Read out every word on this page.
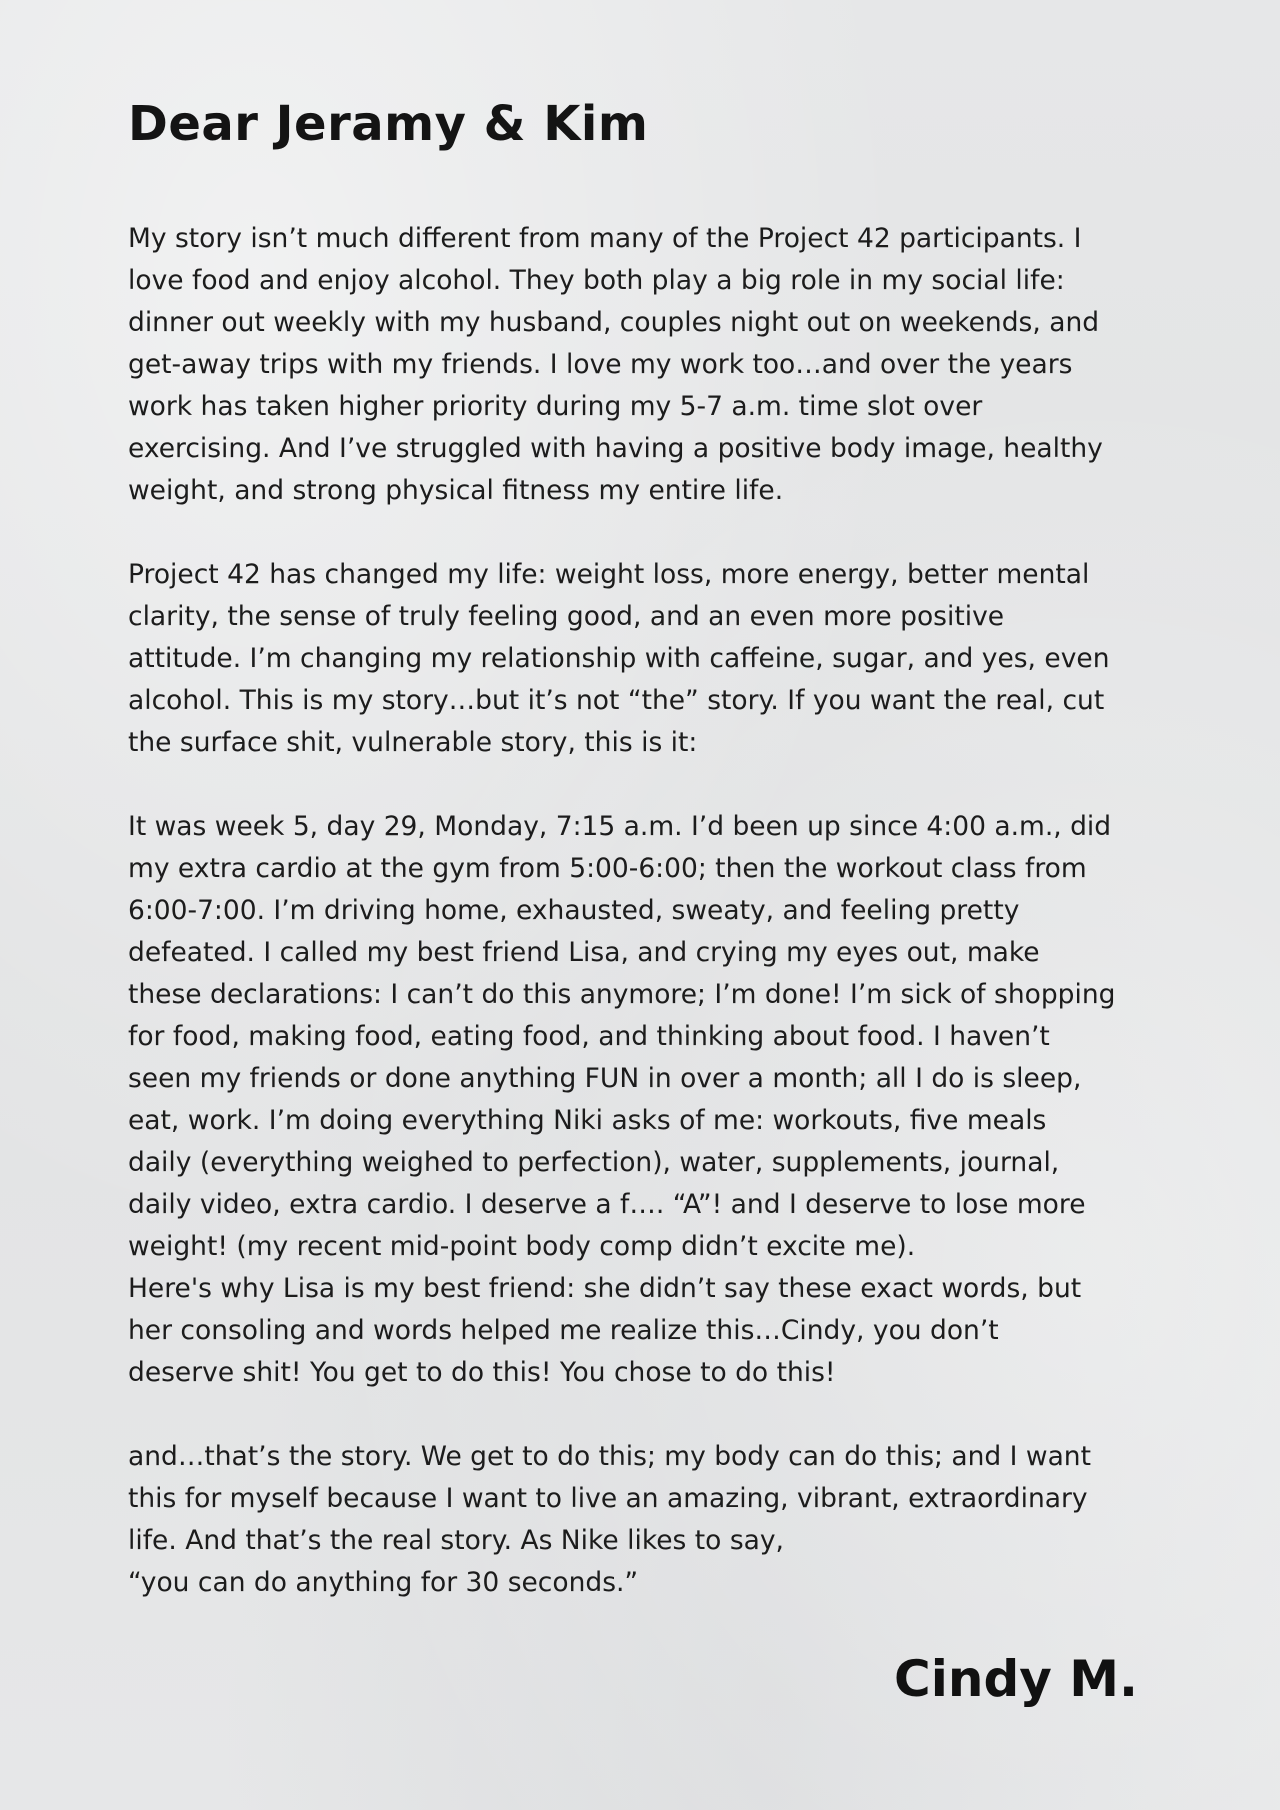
Dear Jeramy & Kim

My story isn’t much different from many of the Project 42 participants. I
love food and enjoy alcohol. They both play a big role in my social life:
dinner out weekly with my husband, couples night out on weekends, and
get-away trips with my friends. I love my work too…and over the years
work has taken higher priority during my 5-7 a.m. time slot over
exercising. And I’ve struggled with having a positive body image, healthy
weight, and strong physical fitness my entire life.

Project 42 has changed my life: weight loss, more energy, better mental
clarity, the sense of truly feeling good, and an even more positive
attitude. I’m changing my relationship with caffeine, sugar, and yes, even
alcohol. This is my story…but it’s not “the” story. If you want the real, cut
the surface shit, vulnerable story, this is it:

It was week 5, day 29, Monday, 7:15 a.m. I’d been up since 4:00 a.m., did
my extra cardio at the gym from 5:00-6:00; then the workout class from
6:00-7:00. I’m driving home, exhausted, sweaty, and feeling pretty
defeated. I called my best friend Lisa, and crying my eyes out, make
these declarations: I can’t do this anymore; I’m done! I’m sick of shopping
for food, making food, eating food, and thinking about food. I haven’t
seen my friends or done anything FUN in over a month; all I do is sleep,
eat, work. I’m doing everything Niki asks of me: workouts, five meals
daily (everything weighed to perfection), water, supplements, journal,
daily video, extra cardio. I deserve a f…. “A”! and I deserve to lose more
weight! (my recent mid-point body comp didn’t excite me).

Here's why Lisa is my best friend: she didn’t say these exact words, but
her consoling and words helped me realize this…Cindy, you don’t
deserve shit! You get to do this! You chose to do this!

and…that’s the story. We get to do this; my body can do this; and I want
this for myself because I want to live an amazing, vibrant, extraordinary
life. And that’s the real story. As Nike likes to say,
“you can do anything for 30 seconds.”

Cindy M.
